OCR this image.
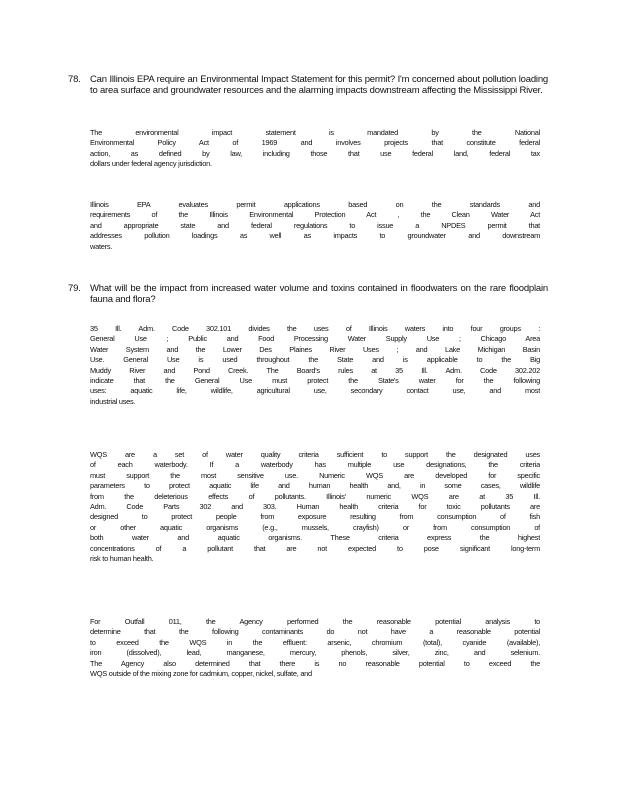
78. Can Illinois EPA require an Environmental Impact Statement for this permit? I'm concerned about pollution loading to area surface and groundwater resources and the alarming impacts downstream affecting the Mississippi River.
The environmental impact statement is mandated by the National
Environmental Policy Act of 1969 and involves projects that constitute federal
action, as defined by law, including those that use federal land, federal tax
dollars under federal agency jurisdiction.
Illinois EPA evaluates permit applications based on the standards and
requirements of the Illinois Environmental Protection Act , the Clean Water Act
and appropriate state and federal regulations to issue a NPDES permit that
addresses pollution loadings as well as impacts to groundwater and downstream
waters.
79. What will be the impact from increased water volume and toxins contained in floodwaters on the rare floodplain fauna and flora?
35 Ill. Adm. Code 302.101 divides the uses of Illinois waters into four groups :
General Use ; Public and Food Processing Water Supply Use ; Chicago Area
Water System and the Lower Des Plaines River Uses ; and Lake Michigan Basin
Use. General Use is used throughout the State and is applicable to the Big
Muddy River and Pond Creek. The Board's rules at 35 Ill. Adm. Code 302.202
indicate that the General Use must protect the State's water for the following
uses: aquatic life, wildlife, agricultural use, secondary contact use, and most
industrial uses.
WQS are a set of water quality criteria sufficient to support the designated uses
of each waterbody. If a waterbody has multiple use designations, the criteria
must support the most sensitive use. Numeric WQS are developed for specific
parameters to protect aquatic life and human health and, in some cases, wildlife
from the deleterious effects of pollutants. Illinois' numeric WQS are at 35 Ill.
Adm. Code Parts 302 and 303. Human health criteria for toxic pollutants are
designed to protect people from exposure resulting from consumption of fish
or other aquatic organisms (e.g., mussels, crayfish) or from consumption of
both water and aquatic organisms. These criteria express the highest
concentrations of a pollutant that are not expected to pose significant long-term
risk to human health.
For Outfall 011, the Agency performed the reasonable potential analysis to
determine that the following contaminants do not have a reasonable potential
to exceed the WQS in the effluent: arsenic, chromium (total), cyanide (available),
iron (dissolved), lead, manganese, mercury, phenols, silver, zinc, and selenium.
The Agency also determined that there is no reasonable potential to exceed the
WQS outside of the mixing zone for cadmium, copper, nickel, sulfate, and
